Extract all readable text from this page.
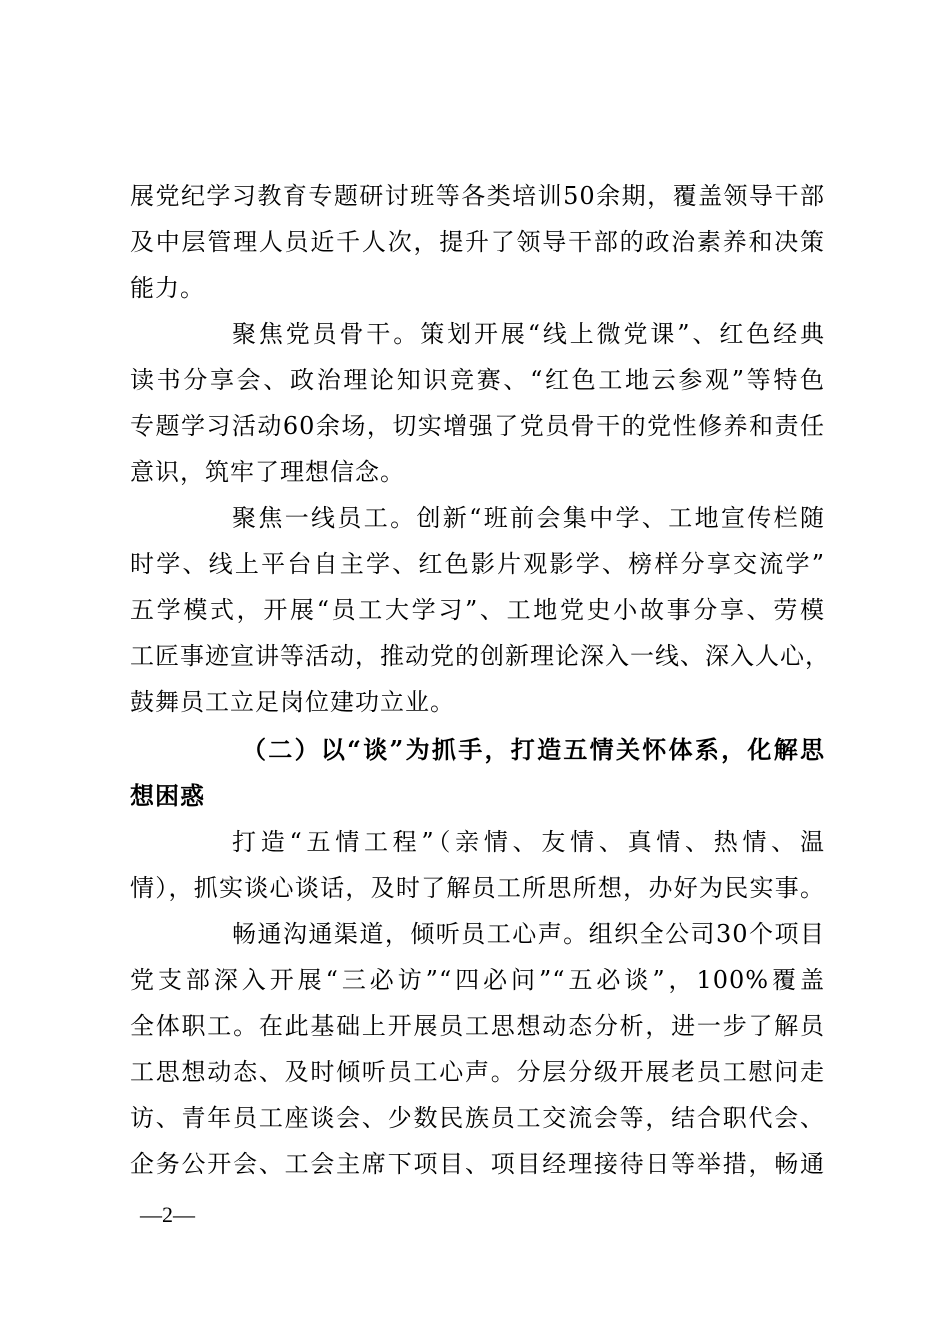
展党纪学习教育专题研讨班等各类培训50余期，覆盖领导干部
及中层管理人员近千人次，提升了领导干部的政治素养和决策
能力。
聚焦党员骨干。策划开展“线上微党课”、红色经典
读书分享会、政治理论知识竞赛、“红色工地云参观”等特色
专题学习活动60余场，切实增强了党员骨干的党性修养和责任
意识，筑牢了理想信念。
聚焦一线员工。创新“班前会集中学、工地宣传栏随
时学、线上平台自主学、红色影片观影学、榜样分享交流学”
五学模式，开展“员工大学习”、工地党史小故事分享、劳模
工匠事迹宣讲等活动，推动党的创新理论深入一线、深入人心，
鼓舞员工立足岗位建功立业。
（二）以“谈”为抓手，打造五情关怀体系，化解思
想困惑
打造“五情工程”（亲情、友情、真情、热情、温
情），抓实谈心谈话，及时了解员工所思所想，办好为民实事。
畅通沟通渠道，倾听员工心声。组织全公司30个项目
党支部深入开展“三必访”“四必问”“五必谈”，100%覆盖
全体职工。在此基础上开展员工思想动态分析，进一步了解员
工思想动态、及时倾听员工心声。分层分级开展老员工慰问走
访、青年员工座谈会、少数民族员工交流会等，结合职代会、
企务公开会、工会主席下项目、项目经理接待日等举措，畅通
—2—
